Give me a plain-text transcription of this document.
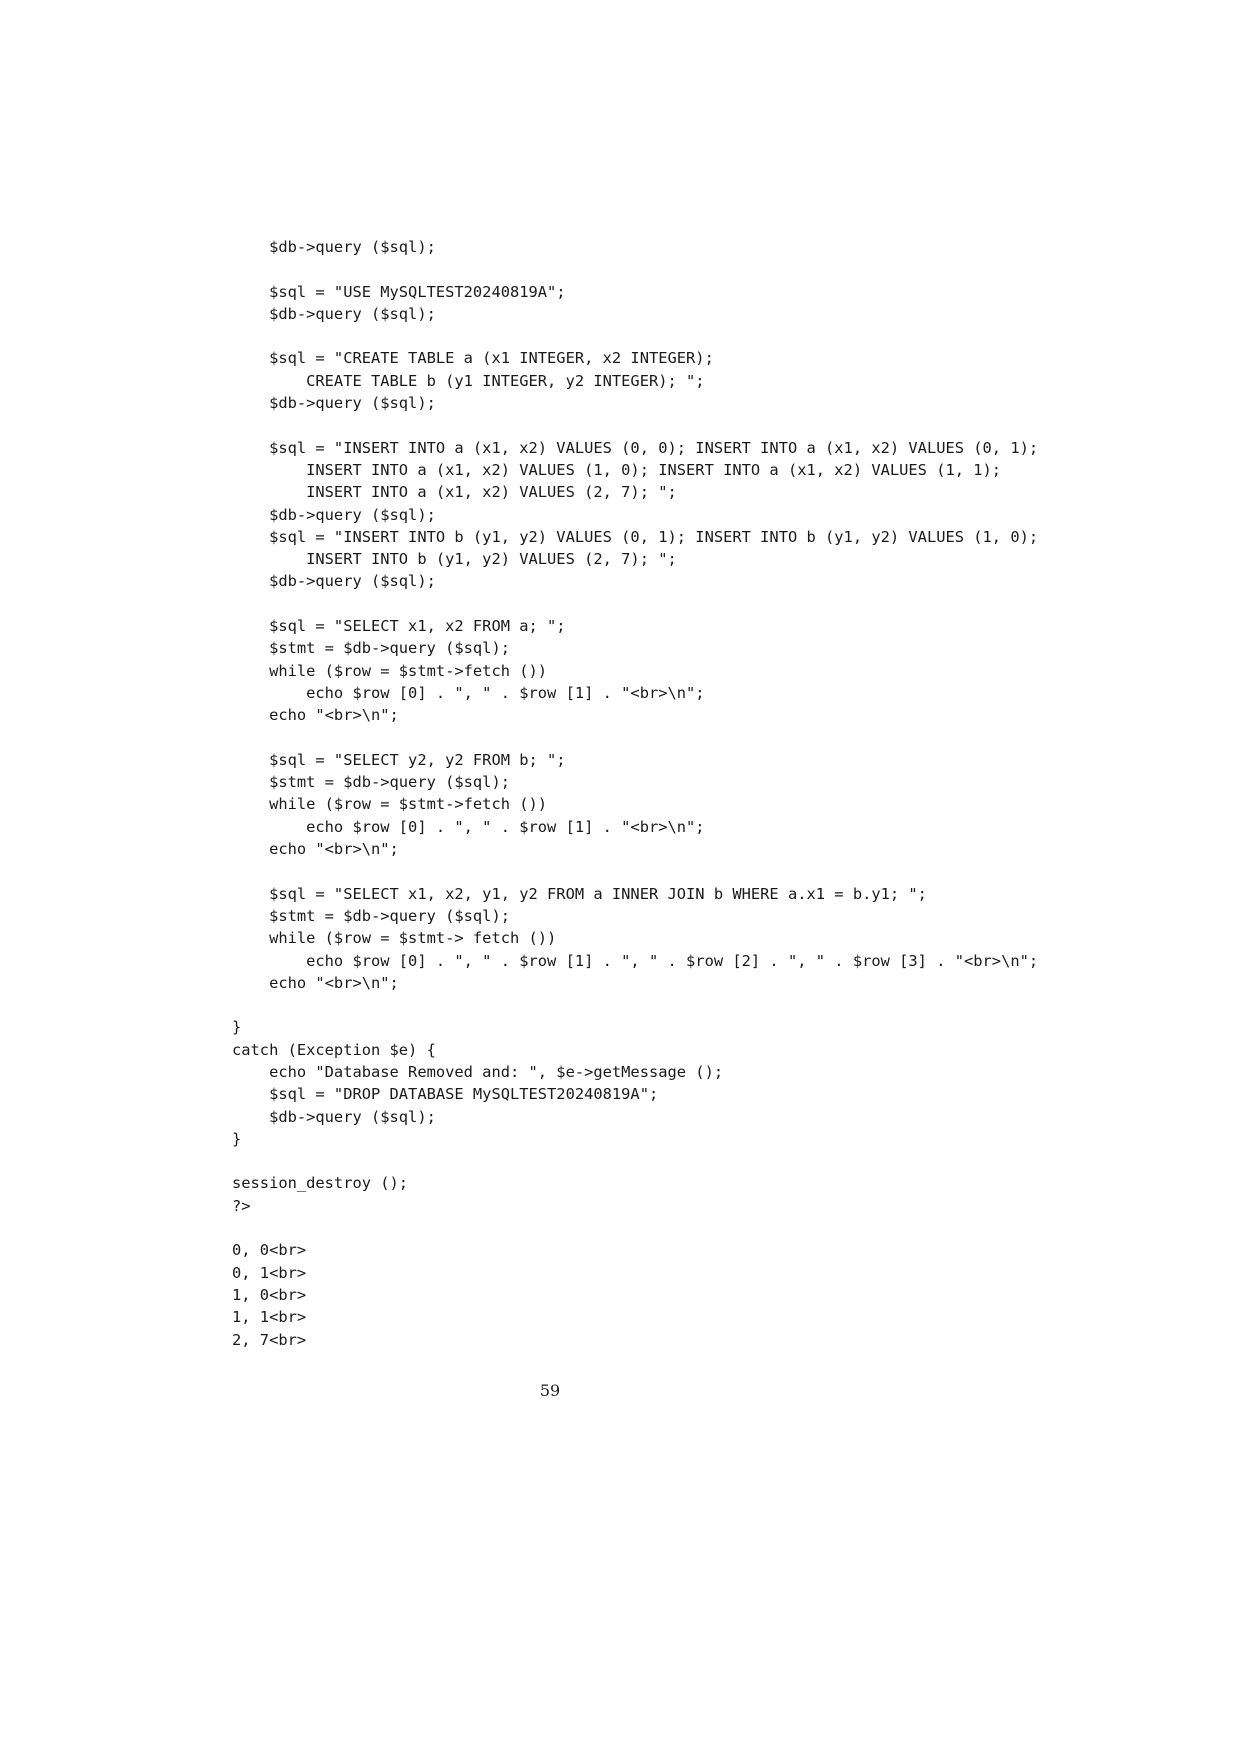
$db->query ($sql);

$sql = "USE MySQLTEST20240819A";
$db->query ($sql);

$sql = "CREATE TABLE a (x1 INTEGER, x2 INTEGER);
CREATE TABLE b (y1 INTEGER, y2 INTEGER); ";
$db->query ($sql);

$sql = "INSERT INTO a (x1, x2) VALUES (0, 0); INSERT INTO a (x1, x2) VALUES (0, 1);
INSERT INTO a (x1, x2) VALUES (1, 0); INSERT INTO a (x1, x2) VALUES (1, 1);
INSERT INTO a (x1, x2) VALUES (2, 7); ";
$db->query ($sql);
$sql = "INSERT INTO b (y1, y2) VALUES (0, 1); INSERT INTO b (y1, y2) VALUES (1, 0);
INSERT INTO b (y1, y2) VALUES (2, 7); ";
$db->query ($sql);

$sql = "SELECT x1, x2 FROM a; ";
$stmt = $db->query ($sql);
while ($row = $stmt->fetch ())
echo $row [0] . ", " . $row [1] . "<br>\n";
echo "<br>\n";

$sql = "SELECT y2, y2 FROM b; ";
$stmt = $db->query ($sql);
while ($row = $stmt->fetch ())
echo $row [0] . ", " . $row [1] . "<br>\n";
echo "<br>\n";

$sql = "SELECT x1, x2, y1, y2 FROM a INNER JOIN b WHERE a.x1 = b.y1; ";
$stmt = $db->query ($sql);
while ($row = $stmt-> fetch ())
echo $row [0] . ", " . $row [1] . ", " . $row [2] . ", " . $row [3] . "<br>\n";
echo "<br>\n";

}
catch (Exception $e) {
echo "Database Removed and: ", $e->getMessage ();
$sql = "DROP DATABASE MySQLTEST20240819A";
$db->query ($sql);
}

session_destroy ();
?>

0, 0<br>
0, 1<br>
1, 0<br>
1, 1<br>
2, 7<br>
59
